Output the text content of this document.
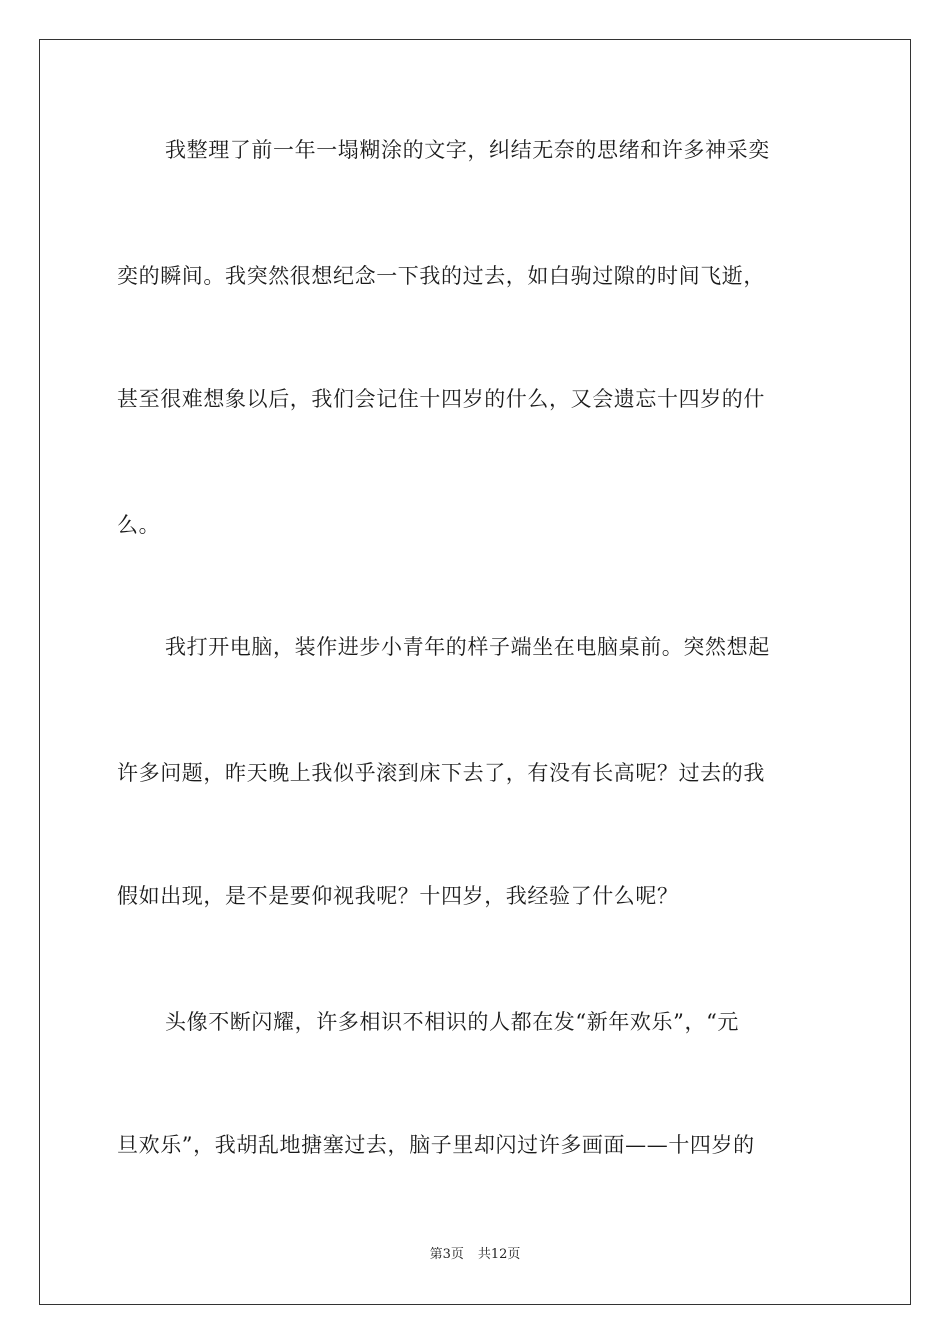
我整理了前一年一塌糊涂的文字，纠结无奈的思绪和许多神采奕
奕的瞬间。我突然很想纪念一下我的过去，如白驹过隙的时间飞逝，
甚至很难想象以后，我们会记住十四岁的什么，又会遗忘十四岁的什
么。
我打开电脑，装作进步小青年的样子端坐在电脑桌前。突然想起
许多问题，昨天晚上我似乎滚到床下去了，有没有长高呢？过去的我
假如出现，是不是要仰视我呢？十四岁，我经验了什么呢？
头像不断闪耀，许多相识不相识的人都在发“新年欢乐”，“元
旦欢乐”，我胡乱地搪塞过去，脑子里却闪过许多画面——十四岁的
第3页 共12页
